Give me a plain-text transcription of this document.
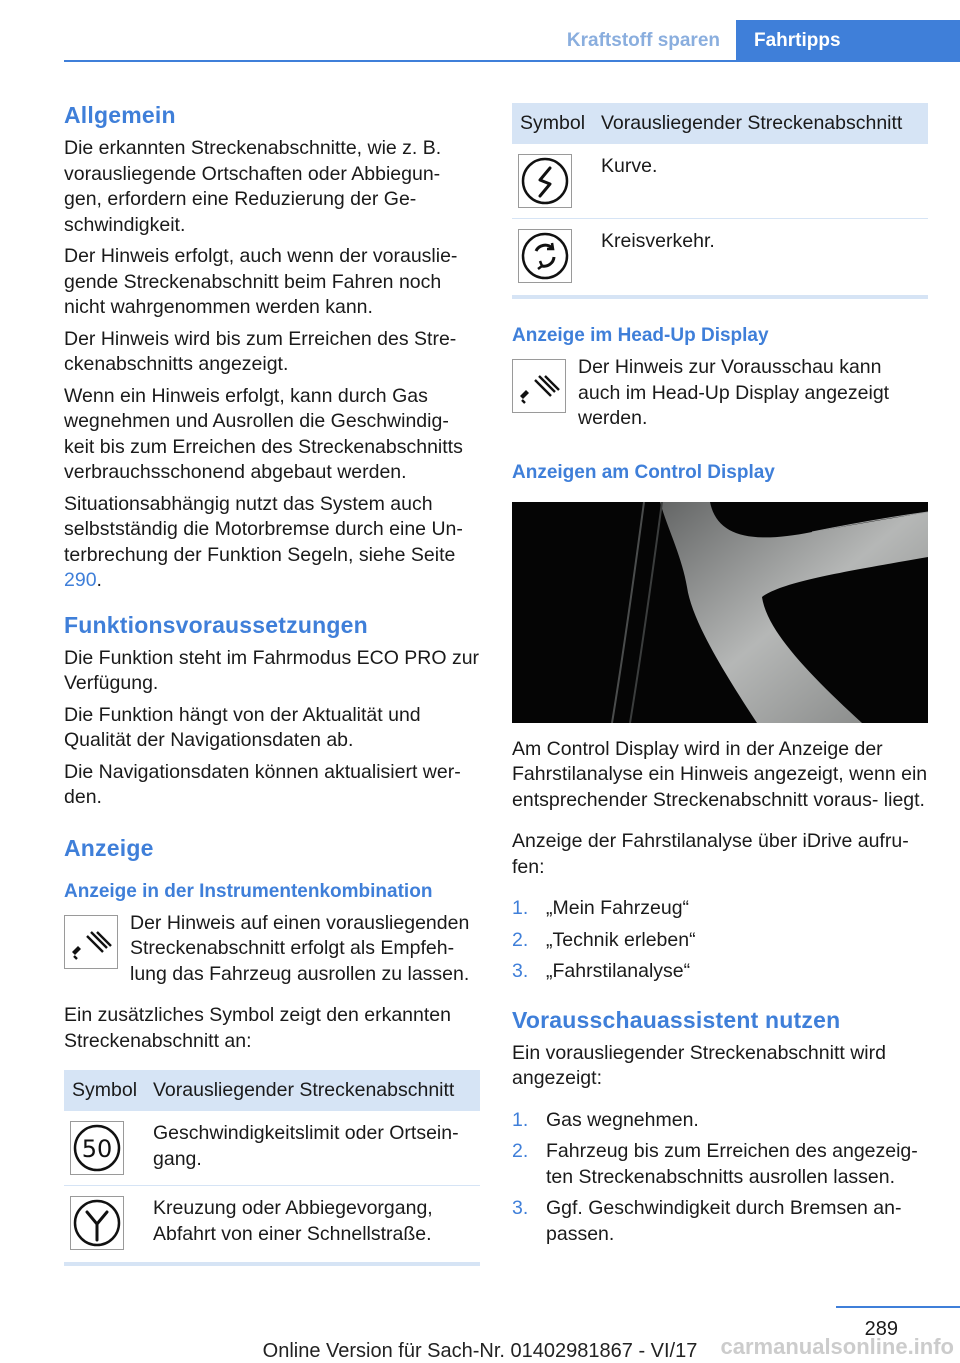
Kraftstoff sparen	Fahrtipps
Allgemein

Die erkannten Streckenabschnitte, wie z. B. vorausliegende Ortschaften oder Abbiegun‐ gen, erfordern eine Reduzierung der Ge‐ schwindigkeit.

Der Hinweis erfolgt, auch wenn der vorauslie‐ gende Streckenabschnitt beim Fahren noch nicht wahrgenommen werden kann.

Der Hinweis wird bis zum Erreichen des Stre‐ ckenabschnitts angezeigt.

Wenn ein Hinweis erfolgt, kann durch Gas wegnehmen und Ausrollen die Geschwindig‐ keit bis zum Erreichen des Streckenabschnitts verbrauchsschonend abgebaut werden.

Situationsabhängig nutzt das System auch selbstständig die Motorbremse durch eine Un‐ terbrechung der Funktion Segeln, siehe Seite 290.

Funktionsvoraussetzungen

Die Funktion steht im Fahrmodus ECO PRO zur Verfügung.

Die Funktion hängt von der Aktualität und Qualität der Navigationsdaten ab.

Die Navigationsdaten können aktualisiert wer‐ den.

Anzeige
Anzeige in der Instrumentenkombination

Der Hinweis auf einen vorausliegenden Streckenabschnitt erfolgt als Empfeh‐ lung das Fahrzeug ausrollen zu lassen.

Ein zusätzliches Symbol zeigt den erkannten Streckenabschnitt an:

Symbol	Vorausliegender Streckenabschnitt

50	Geschwindigkeitslimit oder Ortsein‐ gang.

	Kreuzung oder Abbiegevorgang, Abfahrt von einer Schnellstraße.
Symbol	Vorausliegender Streckenabschnitt

	Kurve.

	Kreisverkehr.
Anzeige im Head-Up Display

Der Hinweis zur Vorausschau kann auch im Head-Up Display angezeigt werden.

Anzeigen am Control Display

Am Control Display wird in der Anzeige der Fahrstilanalyse ein Hinweis angezeigt, wenn ein entsprechender Streckenabschnitt voraus‐ liegt.

Anzeige der Fahrstilanalyse über iDrive aufru‐ fen:

1. „Mein Fahrzeug“
2. „Technik erleben“
3. „Fahrstilanalyse“
Vorausschauassistent nutzen

Ein vorausliegender Streckenabschnitt wird angezeigt:

1. Gas wegnehmen.
2. Fahrzeug bis zum Erreichen des angezeig‐ ten Streckenabschnitts ausrollen lassen.
3. Ggf. Geschwindigkeit durch Bremsen an‐ passen.
289
carmanualsonline.info
Online Version für Sach-Nr. 01402981867 - VI/17
